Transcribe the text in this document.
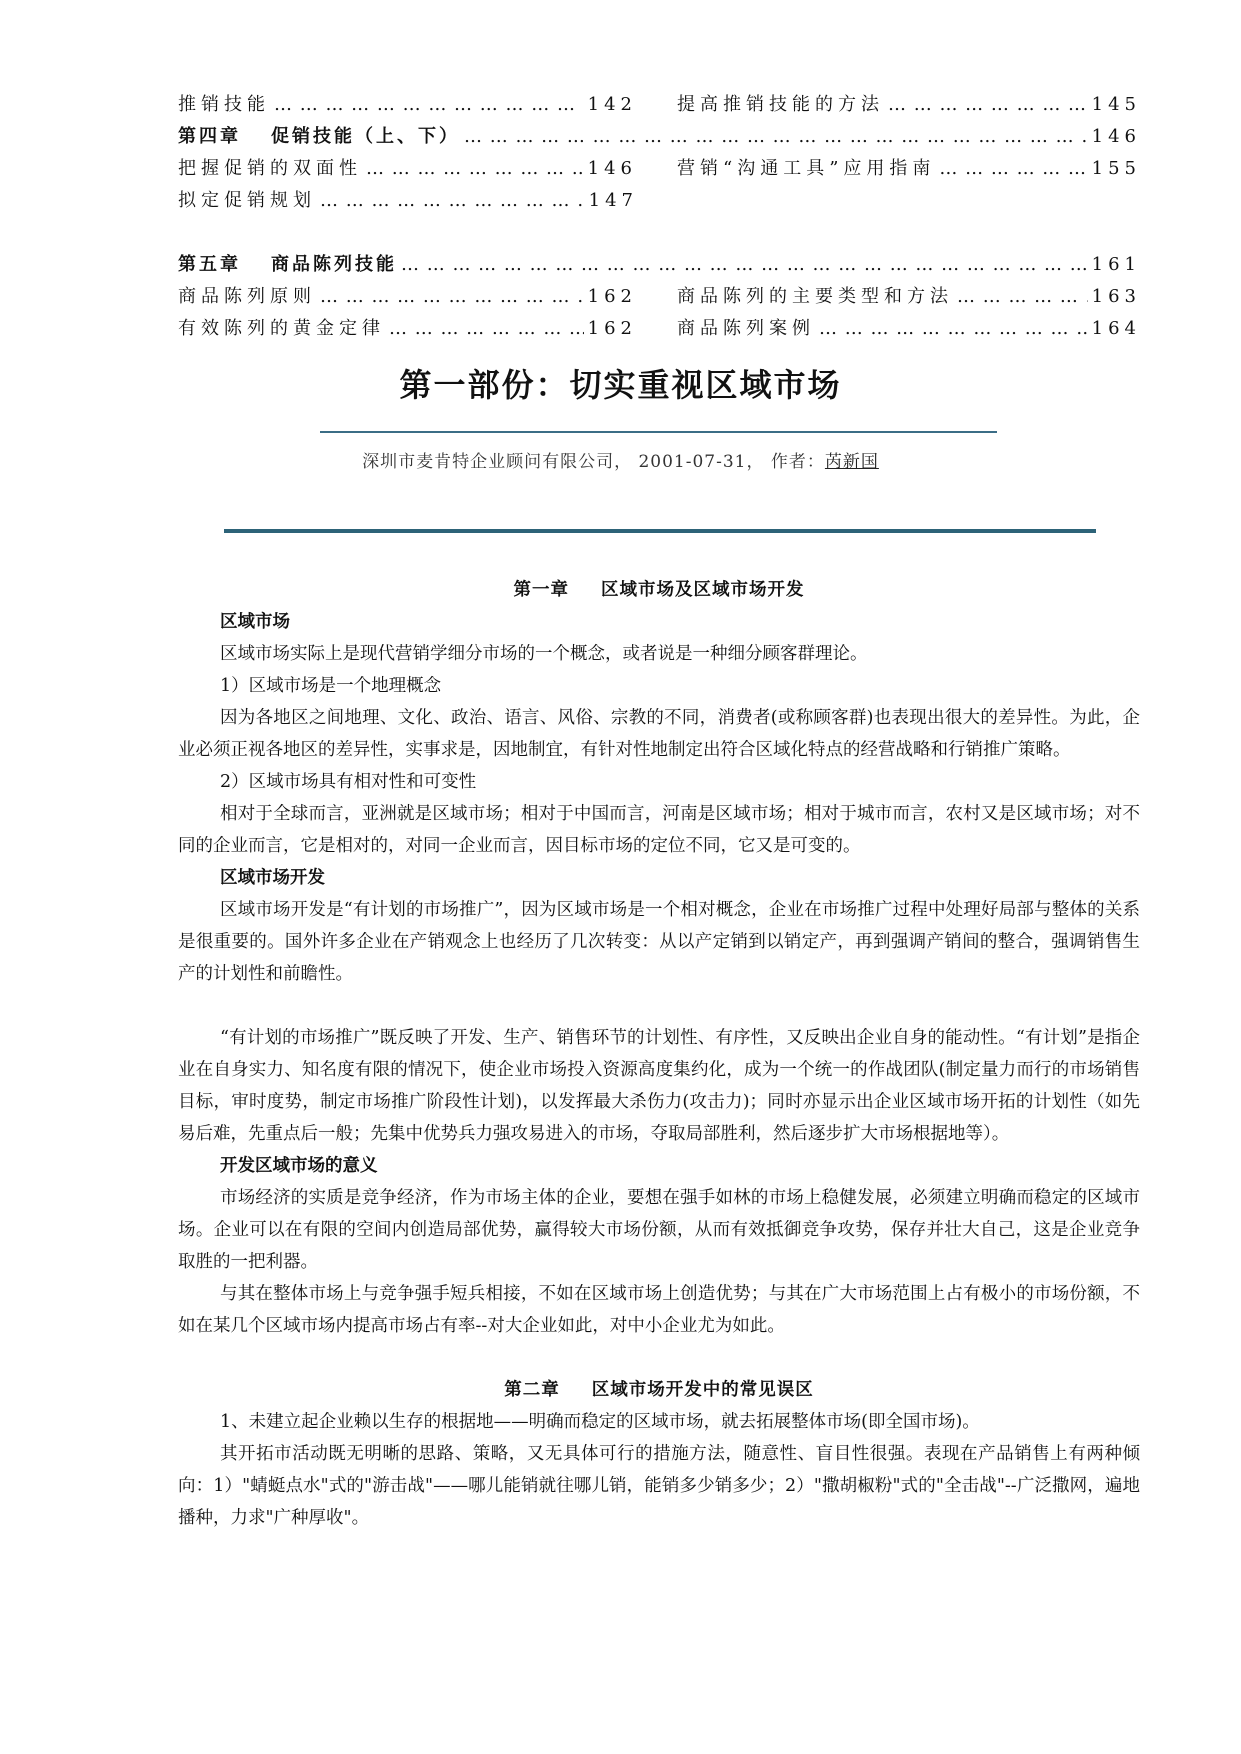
推销技能 … … … … … … … … … … … … … … … … … … … … … … … … … … … … … … … … … … … … … … … … … … … … … … …	142 提高推销技能的方法 … … … … … … … … … … … … … … … … … … … … … … … … … … … … … … … … … … … … … … … … … … … … … … …	145
第四章 促销技能（上、下） … … … … … … … … … … … … … … … … … … … … … … … … … … … … … … … … … … … … … … … … … … … … … … …	146
把握促销的双面性 … … … … … … … … … … … … … … … … … … … … … … … … … … … … … … … … … … … … … … … … … … … … … … …	146 营销“沟通工具”应用指南 … … … … … … … … … … … … … … … … … … … … … … … … … … … … … … … … … … … … … … … … … … … … … … …	155
拟定促销规划 … … … … … … … … … … … … … … … … … … … … … … … … … … … … … … … … … … … … … … … … … … … … … … …	147
第五章 商品陈列技能 … … … … … … … … … … … … … … … … … … … … … … … … … … … … … … … … … … … … … … … … … … … … … … …	161
商品陈列原则 … … … … … … … … … … … … … … … … … … … … … … … … … … … … … … … … … … … … … … … … … … … … … … …	162 商品陈列的主要类型和方法 … … … … … … … … … … … … … … … … … … … … … … … … … … … … … … … … … … … … … … … … … … … … … … …	163
有效陈列的黄金定律 … … … … … … … … … … … … … … … … … … … … … … … … … … … … … … … … … … … … … … … … … … … … … … …	162 商品陈列案例 … … … … … … … … … … … … … … … … … … … … … … … … … … … … … … … … … … … … … … … … … … … … … … …	164
第一部份：切实重视区域市场
深圳市麦肯特企业顾问有限公司， 2001-07-31， 作者：芮新国
第一章 区域市场及区域市场开发
区域市场

区域市场实际上是现代营销学细分市场的一个概念，或者说是一种细分顾客群理论。

1）区域市场是一个地理概念

因为各地区之间地理、文化、政治、语言、风俗、宗教的不同，消费者(或称顾客群)也表现出很大的差异性。为此，企业必须正视各地区的差异性，实事求是，因地制宜，有针对性地制定出符合区域化特点的经营战略和行销推广策略。

2）区域市场具有相对性和可变性

相对于全球而言，亚洲就是区域市场；相对于中国而言，河南是区域市场；相对于城市而言，农村又是区域市场；对不同的企业而言，它是相对的，对同一企业而言，因目标市场的定位不同，它又是可变的。

区域市场开发

区域市场开发是“有计划的市场推广”，因为区域市场是一个相对概念，企业在市场推广过程中处理好局部与整体的关系是很重要的。国外许多企业在产销观念上也经历了几次转变：从以产定销到以销定产，再到强调产销间的整合，强调销售生产的计划性和前瞻性。

“有计划的市场推广”既反映了开发、生产、销售环节的计划性、有序性，又反映出企业自身的能动性。“有计划”是指企业在自身实力、知名度有限的情况下，使企业市场投入资源高度集约化，成为一个统一的作战团队(制定量力而行的市场销售目标，审时度势，制定市场推广阶段性计划)，以发挥最大杀伤力(攻击力)；同时亦显示出企业区域市场开拓的计划性（如先易后难，先重点后一般；先集中优势兵力强攻易进入的市场，夺取局部胜利，然后逐步扩大市场根据地等）。

开发区域市场的意义

市场经济的实质是竞争经济，作为市场主体的企业，要想在强手如林的市场上稳健发展，必须建立明确而稳定的区域市场。企业可以在有限的空间内创造局部优势，赢得较大市场份额，从而有效抵御竞争攻势，保存并壮大自己，这是企业竞争取胜的一把利器。

与其在整体市场上与竞争强手短兵相接，不如在区域市场上创造优势；与其在广大市场范围上占有极小的市场份额，不如在某几个区域市场内提高市场占有率--对大企业如此，对中小企业尤为如此。

第二章 区域市场开发中的常见误区

1、未建立起企业赖以生存的根据地——明确而稳定的区域市场，就去拓展整体市场(即全国市场)。

其开拓市活动既无明晰的思路、策略，又无具体可行的措施方法，随意性、盲目性很强。表现在产品销售上有两种倾向：1）"蜻蜓点水"式的"游击战"——哪儿能销就往哪儿销，能销多少销多少；2）"撒胡椒粉"式的"全击战"--广泛撒网，遍地播种，力求"广种厚收"。
